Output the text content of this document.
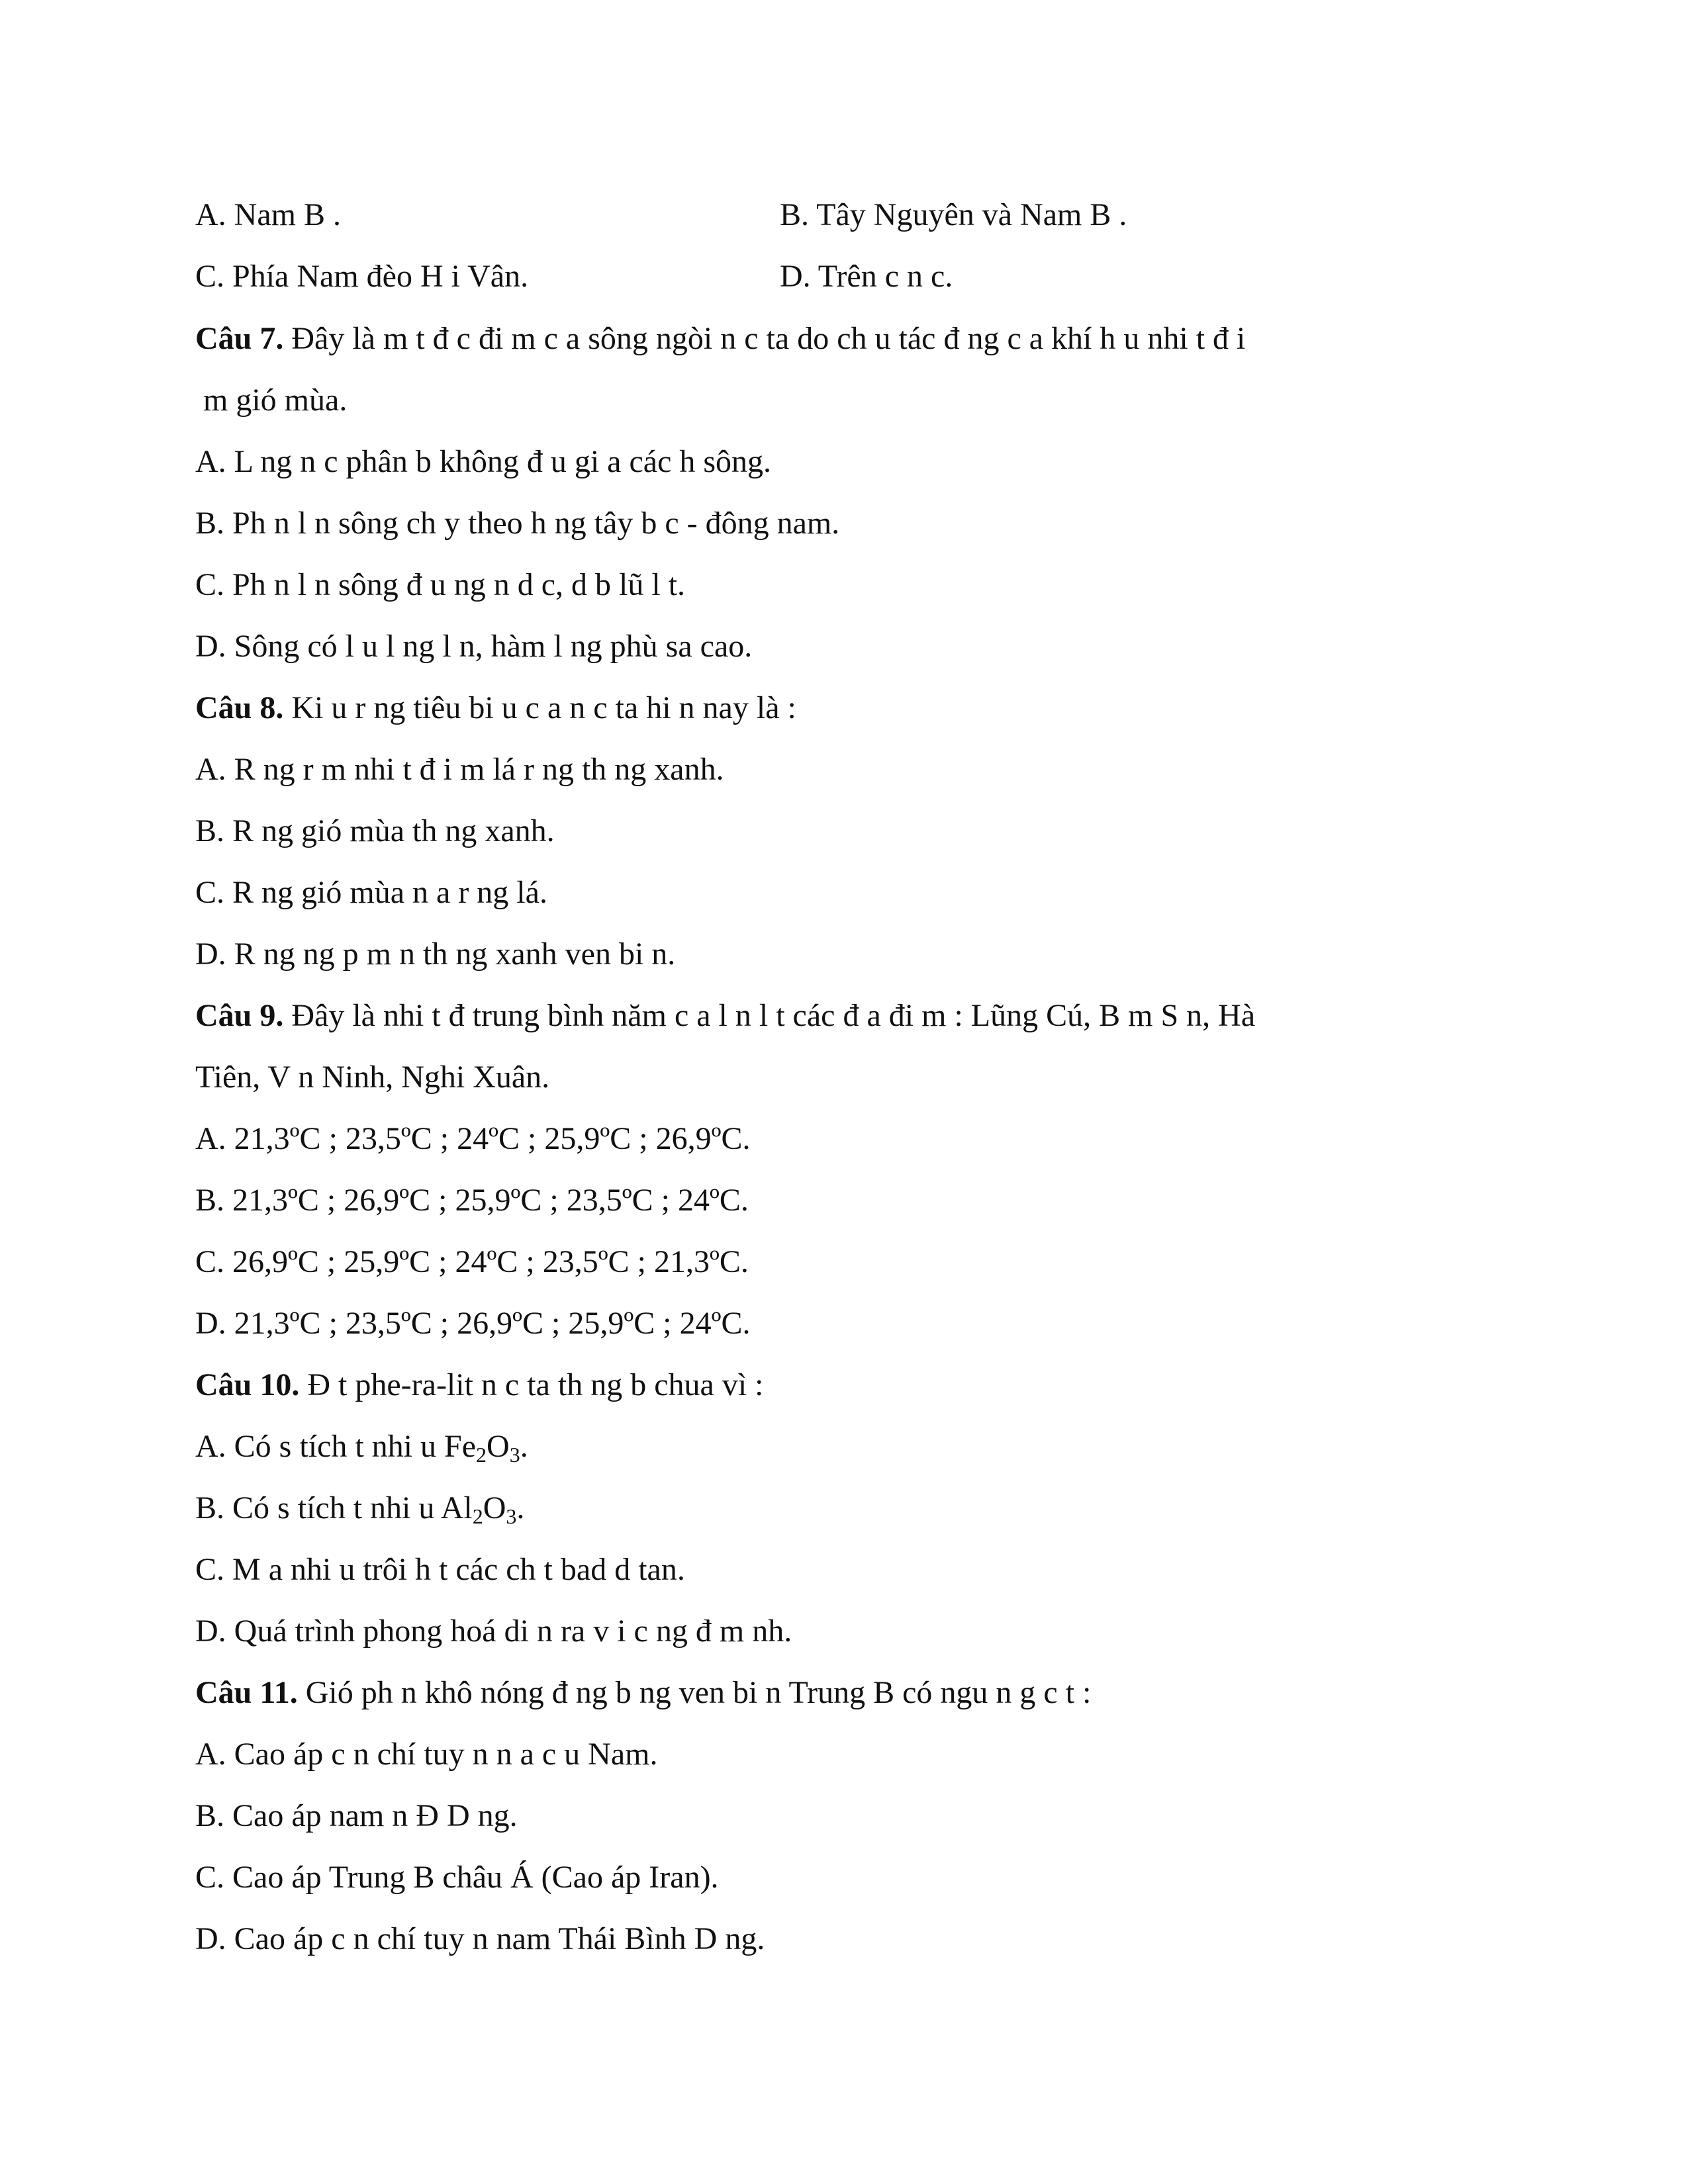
A. Nam B .	B. Tây Nguyên và Nam B .
C. Phía Nam đèo H i Vân.	D. Trên c n c.
Câu 7. Đây là m t đ c đi m c a sông ngòi n c ta do ch u tác đ ng c a khí h u nhi t đ i
m gió mùa.
A. L ng n c phân b không đ u gi a các h sông.
B. Ph n l n sông ch y theo h ng tây b c - đông nam.
C. Ph n l n sông đ u ng n d c, d b lũ l t.
D. Sông có l u l ng l n, hàm l ng phù sa cao.
Câu 8. Ki u r ng tiêu bi u c a n c ta hi n nay là :
A. R ng r m nhi t đ i m lá r ng th ng xanh.
B. R ng gió mùa th ng xanh.
C. R ng gió mùa n a r ng lá.
D. R ng ng p m n th ng xanh ven bi n.
Câu 9. Đây là nhi t đ trung bình năm c a l n l t các đ a đi m : Lũng Cú, B m S n, Hà
Tiên, V n Ninh, Nghi Xuân.
A. 21,3ºC ; 23,5ºC ; 24ºC ; 25,9ºC ; 26,9ºC.
B. 21,3ºC ; 26,9ºC ; 25,9ºC ; 23,5ºC ; 24ºC.
C. 26,9ºC ; 25,9ºC ; 24ºC ; 23,5ºC ; 21,3ºC.
D. 21,3ºC ; 23,5ºC ; 26,9ºC ; 25,9ºC ; 24ºC.
Câu 10. Đ t phe-ra-lit n c ta th ng b chua vì :
A. Có s tích t nhi u $Fe_2O_3$.
B. Có s tích t nhi u $Al_2O_3$.
C. M a nhi u trôi h t các ch t bad d tan.
D. Quá trình phong hoá di n ra v i c ng đ m nh.
Câu 11. Gió ph n khô nóng đ ng b ng ven bi n Trung B có ngu n g c t :
A. Cao áp c n chí tuy n n a c u Nam.
B. Cao áp nam n Đ D ng.
C. Cao áp Trung B châu Á (Cao áp Iran).
D. Cao áp c n chí tuy n nam Thái Bình D ng.
